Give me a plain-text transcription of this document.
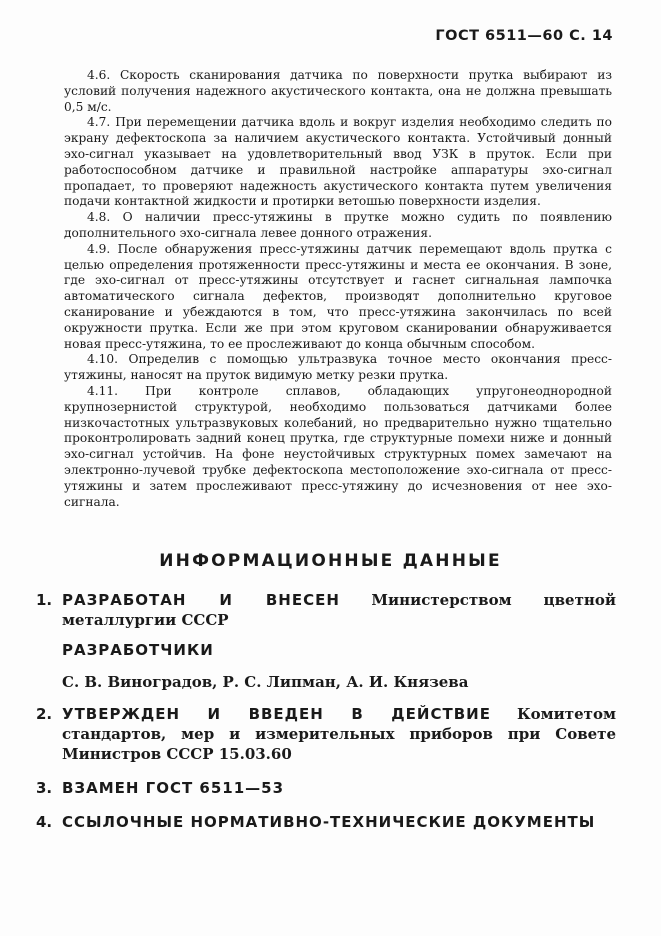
ГОСТ 6511—60 С. 14

4.6. Скорость сканирования датчика по поверхности прутка выбирают из условий получения надежного акустического контакта, она не должна превышать 0,5 м/с.

4.7. При перемещении датчика вдоль и вокруг изделия необходимо следить по экрану дефектоскопа за наличием акустического контакта. Устойчивый донный эхо-сигнал указывает на удовлетворительный ввод УЗК в пруток. Если при работоспособном датчике и правильной настройке аппаратуры эхо-сигнал пропадает, то проверяют надежность акустического контакта путем увеличения подачи контактной жидкости и протирки ветошью поверхности изделия.

4.8. О наличии пресс-утяжины в прутке можно судить по появлению дополнительного эхо-сигнала левее донного отражения.

4.9. После обнаружения пресс-утяжины датчик перемещают вдоль прутка с целью определения протяженности пресс-утяжины и места ее окончания. В зоне, где эхо-сигнал от пресс-утяжины отсутствует и гаснет сигнальная лампочка автоматического сигнала дефектов, производят дополнительно круговое сканирование и убеждаются в том, что пресс-утяжина закончилась по всей окружности прутка. Если же при этом круговом сканировании обнаруживается новая пресс-утяжина, то ее прослеживают до конца обычным способом.

4.10. Определив с помощью ультразвука точное место окончания пресс-утяжины, наносят на пруток видимую метку резки прутка.

4.11. При контроле сплавов, обладающих упругонеоднородной крупнозернистой структурой, необходимо пользоваться датчиками более низкочастотных ультразвуковых колебаний, но предварительно нужно тщательно проконтролировать задний конец прутка, где структурные помехи ниже и донный эхо-сигнал устойчив. На фоне неустойчивых структурных помех замечают на электронно-лучевой трубке дефектоскопа местоположение эхо-сигнала от пресс-утяжины и затем прослеживают пресс-утяжину до исчезновения от нее эхо-сигнала.

ИНФОРМАЦИОННЫЕ ДАННЫЕ
1. РАЗРАБОТАН И ВНЕСЕН Министерством цветной металлургии СССР
РАЗРАБОТЧИКИ
С. В. Виноградов, Р. С. Липман, А. И. Князева
2. УТВЕРЖДЕН И ВВЕДЕН В ДЕЙСТВИЕ Комитетом стандартов, мер и измерительных приборов при Совете Министров СССР 15.03.60
3. ВЗАМЕН ГОСТ 6511—53
4. ССЫЛОЧНЫЕ НОРМАТИВНО-ТЕХНИЧЕСКИЕ ДОКУМЕНТЫ
